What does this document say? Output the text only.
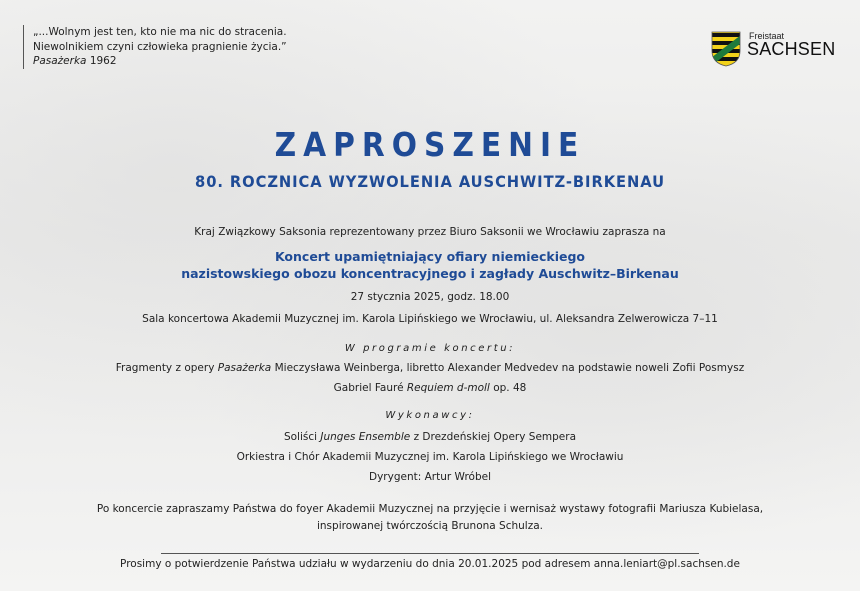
„...Wolnym jest ten, kto nie ma nic do stracenia.
Niewolnikiem czyni człowieka pragnienie życia.”
Pasażerka 1962
Freistaat
SACHSEN
ZAPROSZENIE
80. ROCZNICA WYZWOLENIA AUSCHWITZ-BIRKENAU
Kraj Związkowy Saksonia reprezentowany przez Biuro Saksonii we Wrocławiu zaprasza na
Koncert upamiętniający ofiary niemieckiego
nazistowskiego obozu koncentracyjnego i zagłady Auschwitz–Birkenau
27 stycznia 2025, godz. 18.00
Sala koncertowa Akademii Muzycznej im. Karola Lipińskiego we Wrocławiu, ul. Aleksandra Zelwerowicza 7–11
W programie koncertu:
Fragmenty z opery Pasażerka Mieczysława Weinberga, libretto Alexander Medvedev na podstawie noweli Zofii Posmysz
Gabriel Fauré Requiem d-moll op. 48
Wykonawcy:
Soliści Junges Ensemble z Drezdeńskiej Opery Sempera
Orkiestra i Chór Akademii Muzycznej im. Karola Lipińskiego we Wrocławiu
Dyrygent: Artur Wróbel
Po koncercie zapraszamy Państwa do foyer Akademii Muzycznej na przyjęcie i wernisaż wystawy fotografii Mariusza Kubielasa,
inspirowanej twórczością Brunona Schulza.
Prosimy o potwierdzenie Państwa udziału w wydarzeniu do dnia 20.01.2025 pod adresem anna.leniart@pl.sachsen.de
